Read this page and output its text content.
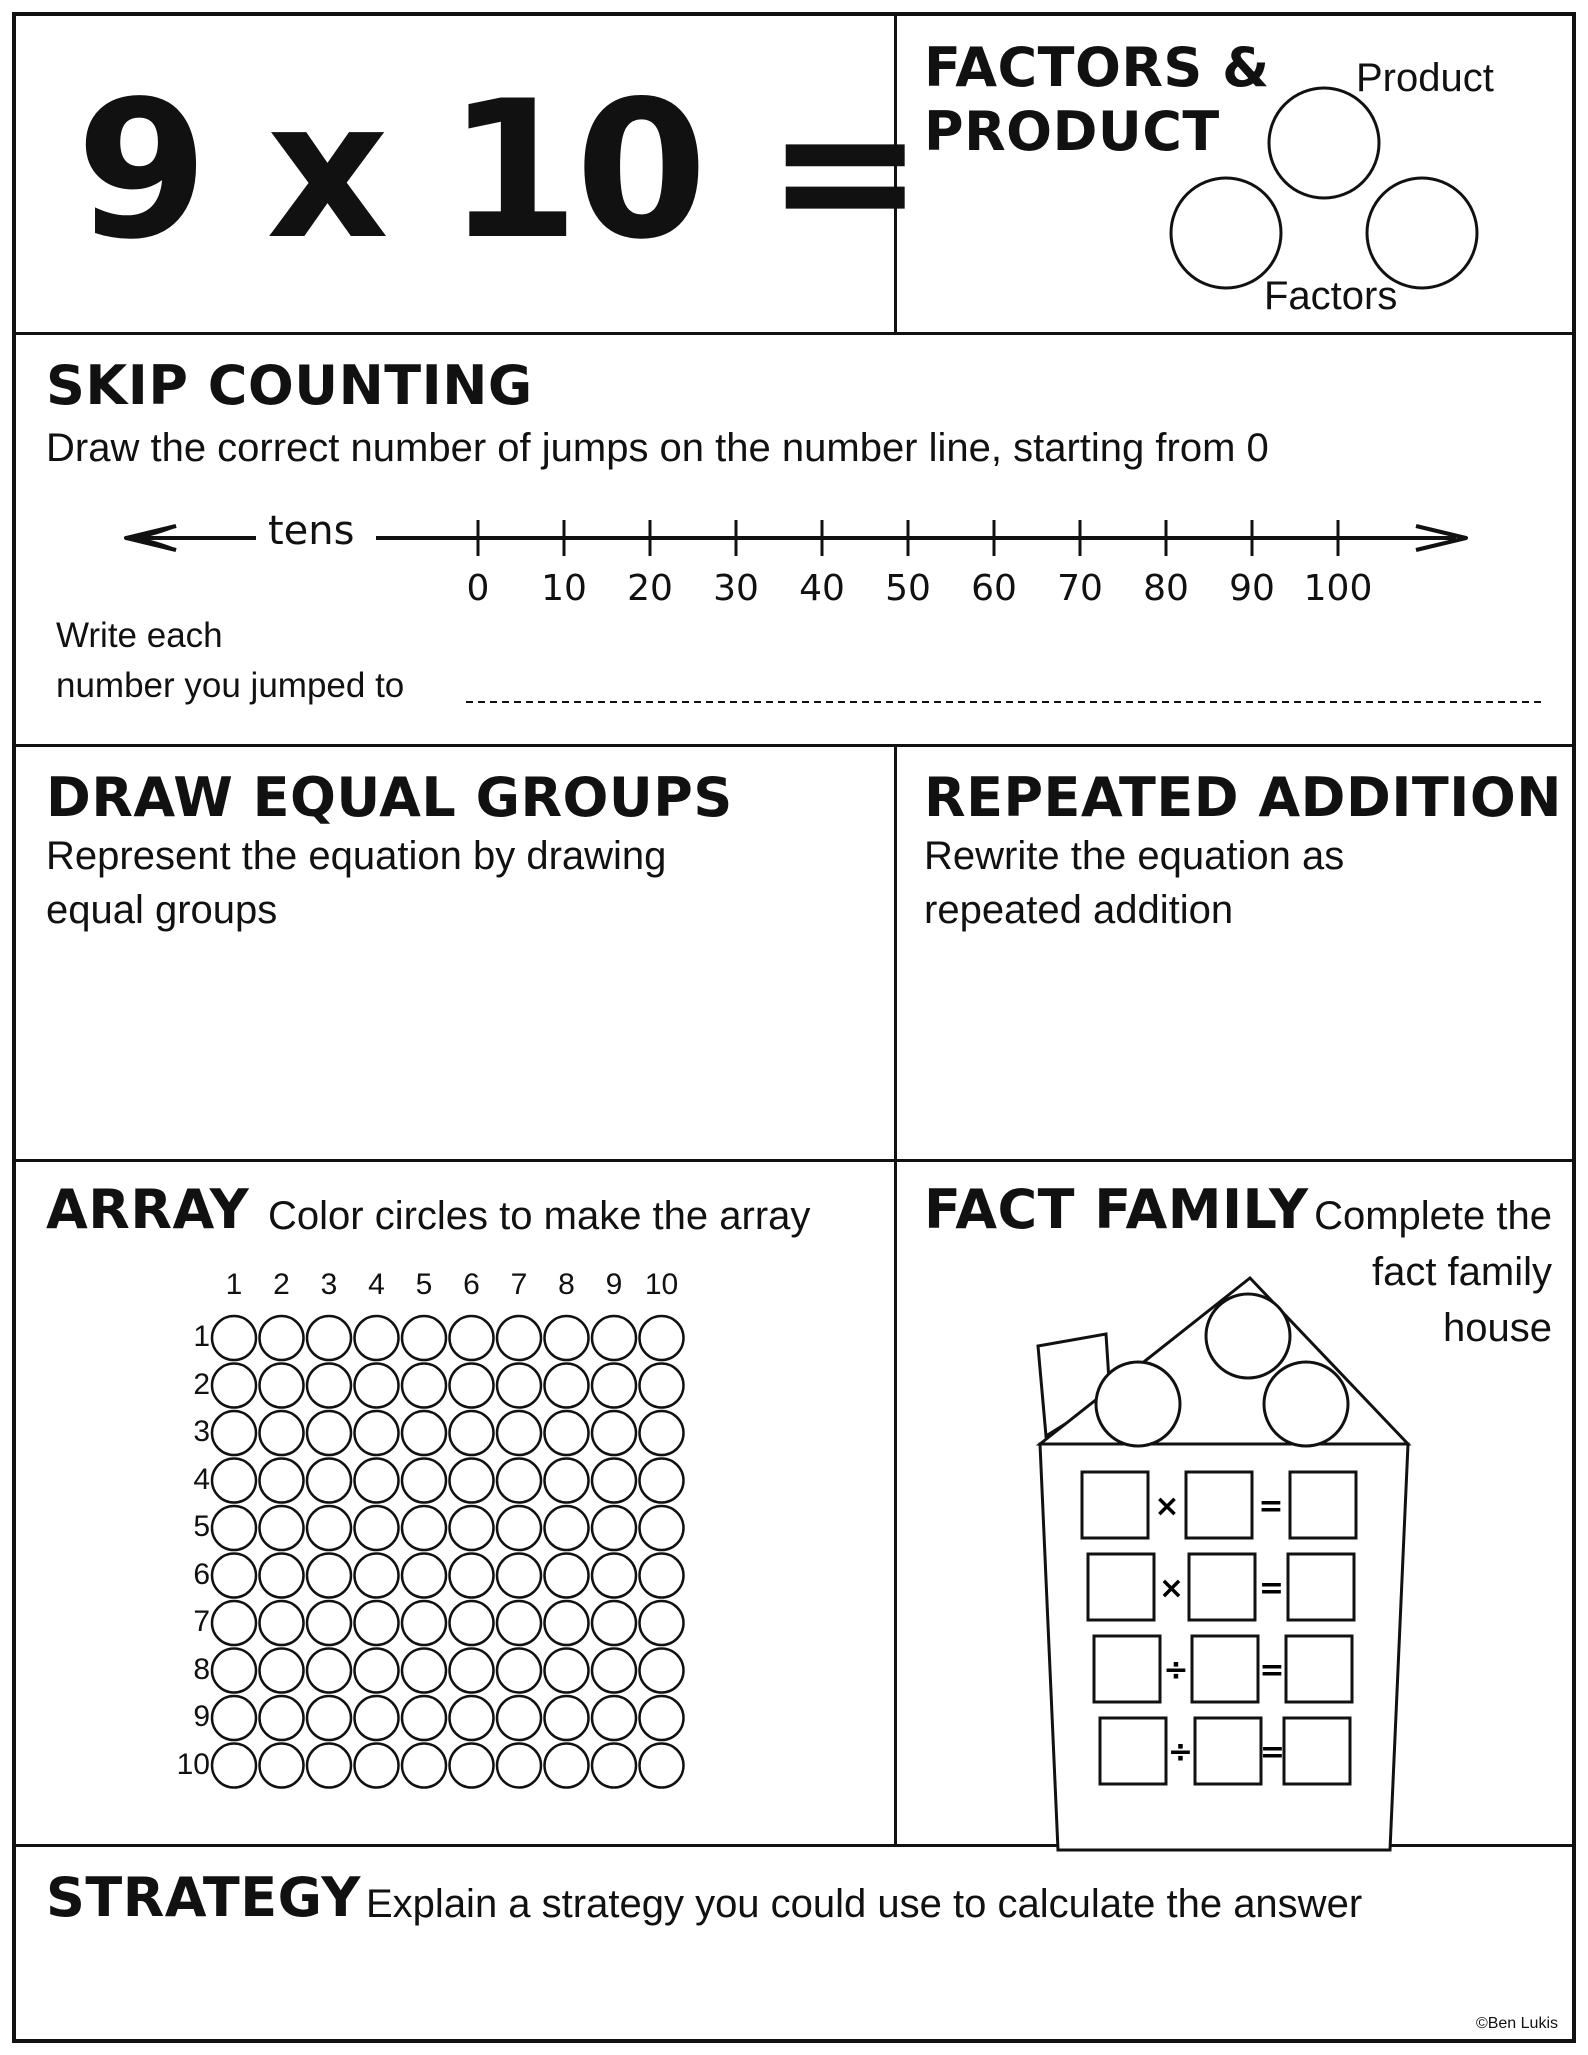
9 x 10 = FACTORS &
PRODUCT
Product
Factors
SKIP COUNTING
Draw the correct number of jumps on the number line, starting from 0
tens
0	10	20	30	40	50	60	70	80	90 100
Write each
number you jumped to
DRAW EQUAL GROUPS
Represent the equation by drawing
equal groups
REPEATED ADDITION
Rewrite the equation as
repeated addition
ARRAY Color circles to make the array
1	2	3	4	5	6	7	8	9 10
1
2
3
4
5
6
7
8
9
10
FACT FAMILY Complete the
fact family
house
×	=
× =
÷ =
÷ =
STRATEGY Explain a strategy you could use to calculate the answer
©Ben Lukis
